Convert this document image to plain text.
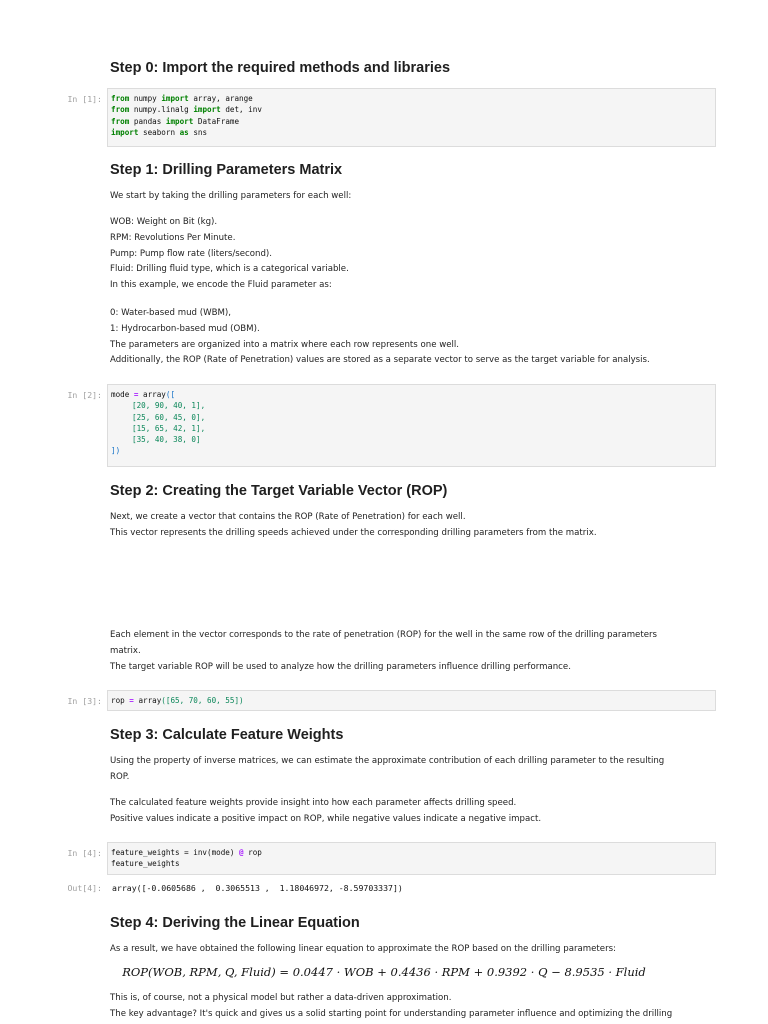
Step 0: Import the required methods and libraries
In [1]: from numpy import array, arange
from numpy.linalg import det, inv
from pandas import DataFrame
import seaborn as sns
Step 1: Drilling Parameters Matrix

We start by taking the drilling parameters for each well:

WOB: Weight on Bit (kg).
RPM: Revolutions Per Minute.
Pump: Pump flow rate (liters/second).
Fluid: Drilling fluid type, which is a categorical variable.
In this example, we encode the Fluid parameter as:

0: Water-based mud (WBM),
1: Hydrocarbon-based mud (OBM).
The parameters are organized into a matrix where each row represents one well.
Additionally, the ROP (Rate of Penetration) values are stored as a separate vector to serve as the target variable for analysis.

In [2]: mode = array([
[20, 90, 40, 1],
[25, 60, 45, 0],
[15, 65, 42, 1],
[35, 40, 38, 0]
])
Step 2: Creating the Target Variable Vector (ROP)

Next, we create a vector that contains the ROP (Rate of Penetration) for each well.
This vector represents the drilling speeds achieved under the corresponding drilling parameters from the matrix.

Each element in the vector corresponds to the rate of penetration (ROP) for the well in the same row of the drilling parameters
matrix.
The target variable ROP will be used to analyze how the drilling parameters influence drilling performance.

In [3]: rop = array([65, 70, 60, 55])
Step 3: Calculate Feature Weights

Using the property of inverse matrices, we can estimate the approximate contribution of each drilling parameter to the resulting
ROP.

The calculated feature weights provide insight into how each parameter affects drilling speed.
Positive values indicate a positive impact on ROP, while negative values indicate a negative impact.

In [4]: feature_weights = inv(mode) @ rop
feature_weights
Out[4]: array([-0.0605686 ,  0.3065513 ,  1.18046972, -8.59703337])
Step 4: Deriving the Linear Equation

As a result, we have obtained the following linear equation to approximate the ROP based on the drilling parameters:

ROP(WOB, RPM, Q, Fluid) = 0.0447 · WOB + 0.4436 · RPM + 0.9392 · Q − 8.9535 · Fluid

This is, of course, not a physical model but rather a data-driven approximation.
The key advantage? It's quick and gives us a solid starting point for understanding parameter influence and optimizing the drilling
